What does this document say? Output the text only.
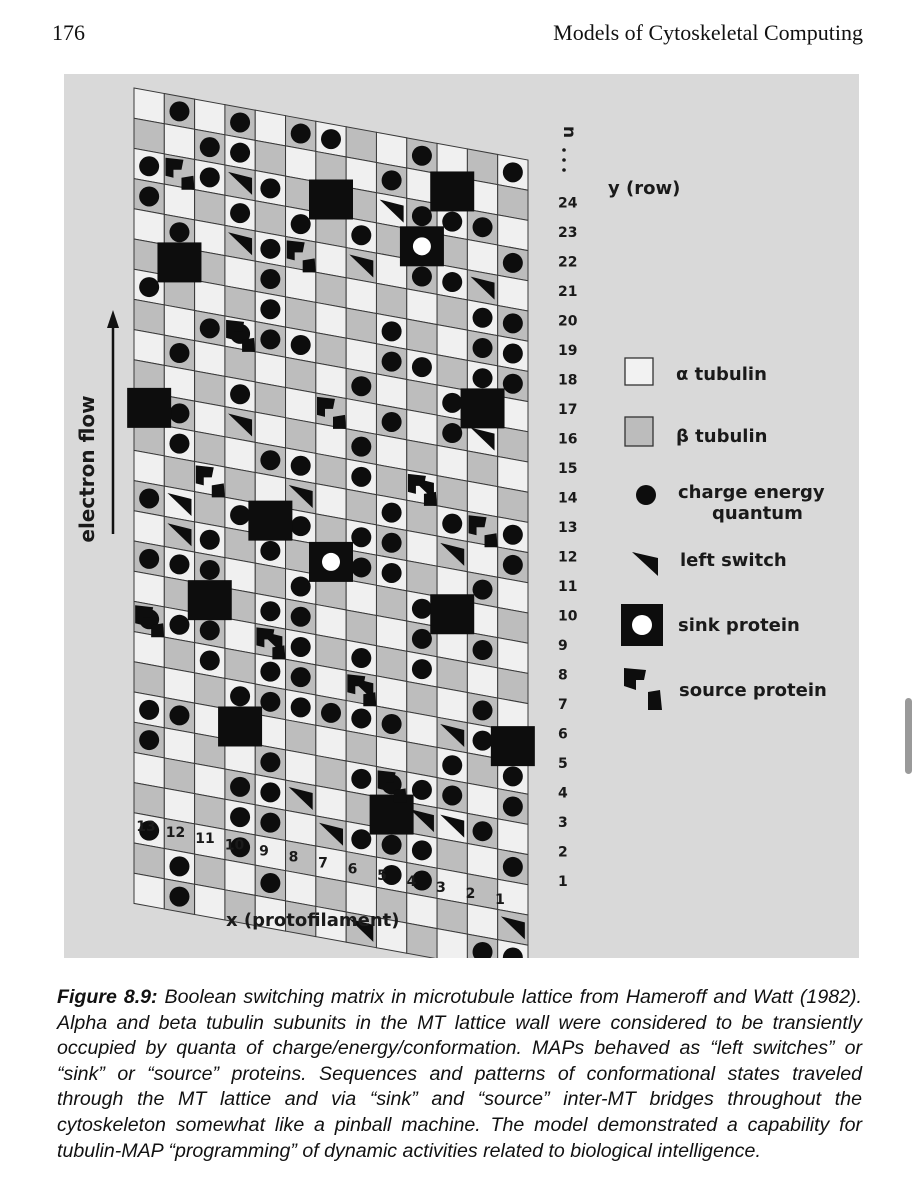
176	Models of Cytoskeletal Computing
electron flow
n
1
2
3
4
5
6
7
8
9
10
11
12
13
14
15
16
17
18
19
20
21
22
23
24
13 12 11 10 9 8 7 6 5 4 3 2 1
y (row)
x (protofilament)
α tubulin
β tubulin
charge energy
quantum
left switch
sink protein
source protein
Figure 8.9: Boolean switching matrix in microtubule lattice from Hameroff and Watt (1982). Alpha and beta tubulin subunits in the MT lattice wall were considered to be transiently occupied by quanta of charge/energy/conformation. MAPs behaved as “left switches” or “sink” or “source” proteins. Sequences and patterns of conformational states traveled through the MT lattice and via “sink” and “source” inter-MT bridges throughout the cytoskeleton somewhat like a pinball machine. The model demonstrated a capability for tubulin-MAP “programming” of dynamic activities related to biological intelligence.
